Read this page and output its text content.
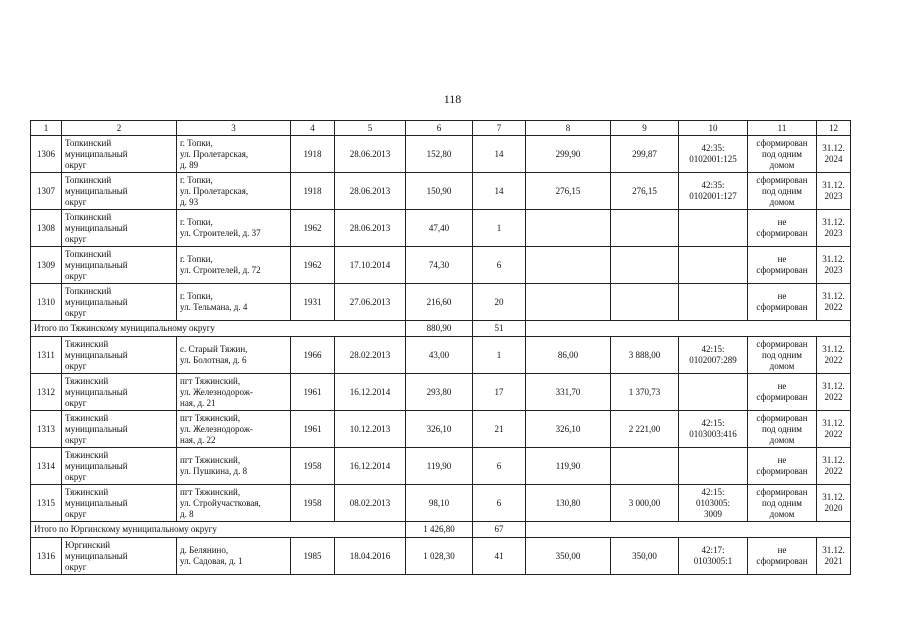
118
1	2	3	4	5	6	7	8	9	10	11	12
1306	Топкинский
муниципальный
округ	г. Топки,
ул. Пролетарская,
д. 89	1918	28.06.2013	152,80	14	299,90	299,87	42:35:
0102001:125	сформирован
под одним
домом	31.12.
2024
1307	Топкинский
муниципальный
округ	г. Топки,
ул. Пролетарская,
д. 93	1918	28.06.2013	150,90	14	276,15	276,15	42:35:
0102001:127	сформирован
под одним
домом	31.12.
2023
1308	Топкинский
муниципальный
округ	г. Топки,
ул. Строителей, д. 37	1962	28.06.2013	47,40	1				не
сформирован	31.12.
2023
1309	Топкинский
муниципальный
округ	г. Топки,
ул. Строителей, д. 72	1962	17.10.2014	74,30	6				не
сформирован	31.12.
2023
1310	Топкинский
муниципальный
округ	г. Топки,
ул. Тельмана, д. 4	1931	27.06.2013	216,60	20				не
сформирован	31.12.
2022
Итого по Тяжинскому муниципальному округу					880,90	51					
1311	Тяжинский
муниципальный
округ	с. Старый Тяжин,
ул. Болотная, д. 6	1966	28.02.2013	43,00	1	86,00	3 888,00	42:15:
0102007:289	сформирован
под одним
домом	31.12.
2022
1312	Тяжинский
муниципальный
округ	пгт Тяжинский,
ул. Железнодорож-
ная, д. 21	1961	16.12.2014	293,80	17	331,70	1 370,73		не
сформирован	31.12.
2022
1313	Тяжинский
муниципальный
округ	пгт Тяжинский,
ул. Железнодорож-
ная, д. 22	1961	10.12.2013	326,10	21	326,10	2 221,00	42:15:
0103003:416	сформирован
под одним
домом	31.12.
2022
1314	Тяжинский
муниципальный
округ	пгт Тяжинский,
ул. Пушкина, д. 8	1958	16.12.2014	119,90	6	119,90			не
сформирован	31.12.
2022
1315	Тяжинский
муниципальный
округ	пгт Тяжинский,
ул. Стройучастковая,
д. 8	1958	08.02.2013	98,10	6	130,80	3 000,00	42:15:
0103005:
3009	сформирован
под одним
домом	31.12.
2020
Итого по Юргинскому муниципальному округу					1 426,80	67					
1316	Юргинский
муниципальный
округ	д. Белянино,
ул. Садовая, д. 1	1985	18.04.2016	1 028,30	41	350,00	350,00	42:17:
0103005:1	не
сформирован	31.12.
2021
